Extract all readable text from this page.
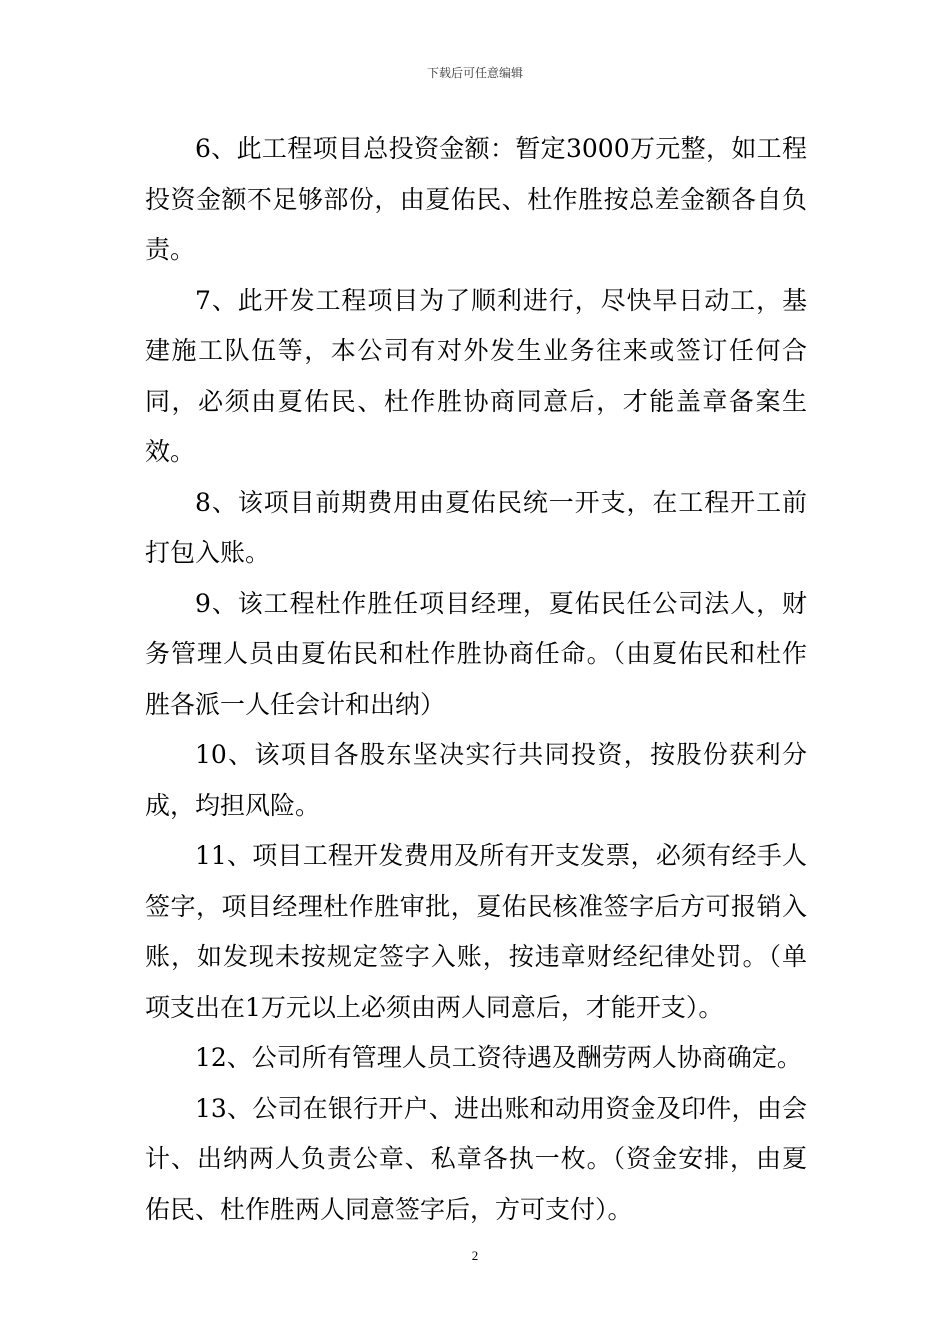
下载后可任意编辑

6、此工程项目总投资金额：暂定3000万元整，如工程投资金额不足够部份，由夏佑民、杜作胜按总差金额各自负责。

7、此开发工程项目为了顺利进行，尽快早日动工，基建施工队伍等，本公司有对外发生业务往来或签订任何合同，必须由夏佑民、杜作胜协商同意后，才能盖章备案生效。

8、该项目前期费用由夏佑民统一开支，在工程开工前打包入账。

9、该工程杜作胜任项目经理，夏佑民任公司法人，财务管理人员由夏佑民和杜作胜协商任命。（由夏佑民和杜作胜各派一人任会计和出纳）

10、该项目各股东坚决实行共同投资，按股份获利分成，均担风险。

11、项目工程开发费用及所有开支发票，必须有经手人签字，项目经理杜作胜审批，夏佑民核准签字后方可报销入账，如发现未按规定签字入账，按违章财经纪律处罚。（单项支出在1万元以上必须由两人同意后，才能开支）。

12、公司所有管理人员工资待遇及酬劳两人协商确定。

13、公司在银行开户、进出账和动用资金及印件，由会计、出纳两人负责公章、私章各执一枚。（资金安排，由夏佑民、杜作胜两人同意签字后，方可支付）。

2
